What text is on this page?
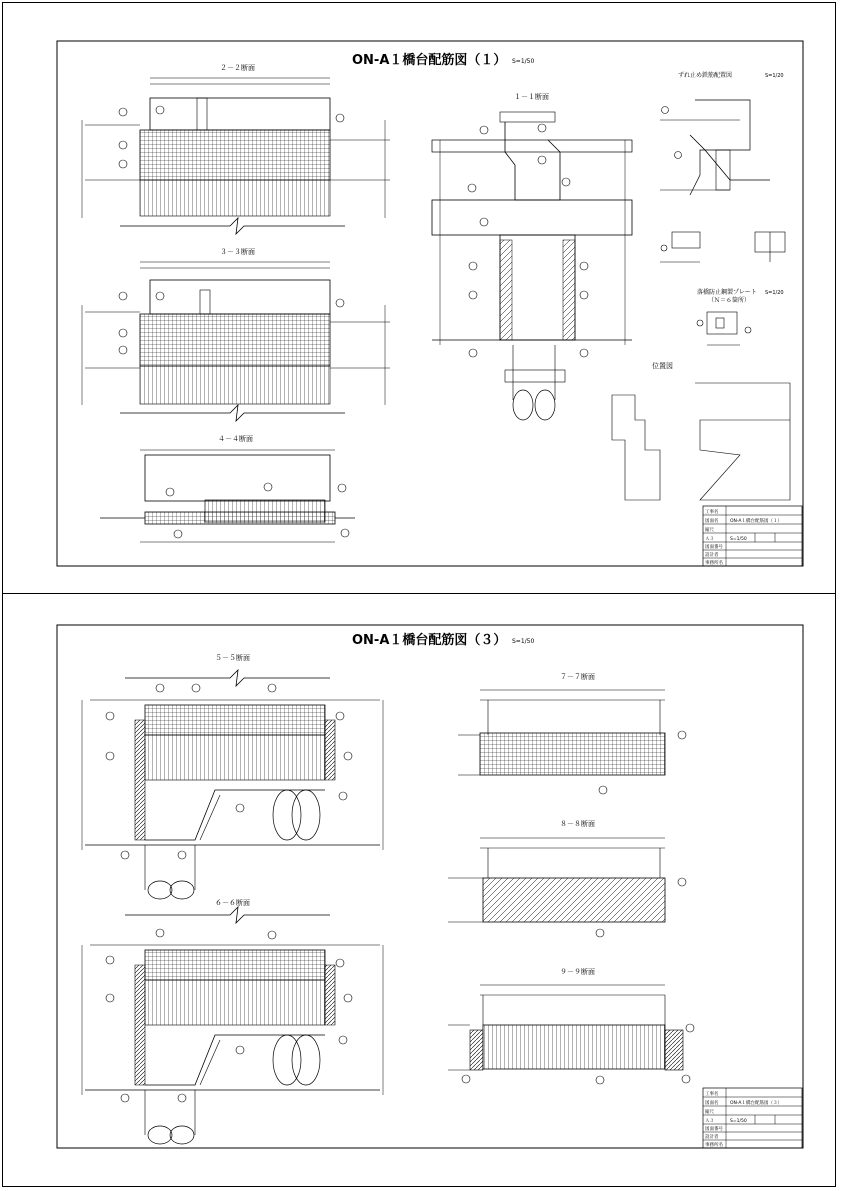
ON-A１橋台配筋図（１） S=1/50
２－２断面
３－３断面
４－４断面
１－１断面
ずれ止め鉄筋配置図	S=1/20
落橋防止鋼製プレート
（Ｎ＝６箇所）
S=1/20
位置図
工事名
図面名	ON-A１橋台配筋図（１）
縮尺
Ａ３	S=1/50
図面番号
設計者
事務所名
ON-A１橋台配筋図（３） S=1/50
５－５断面
６－６断面
７－７断面
８－８断面
９－９断面
工事名
図面名	ON-A１橋台配筋図（３）
縮尺
Ａ３	S=1/50
図面番号
設計者
事務所名
